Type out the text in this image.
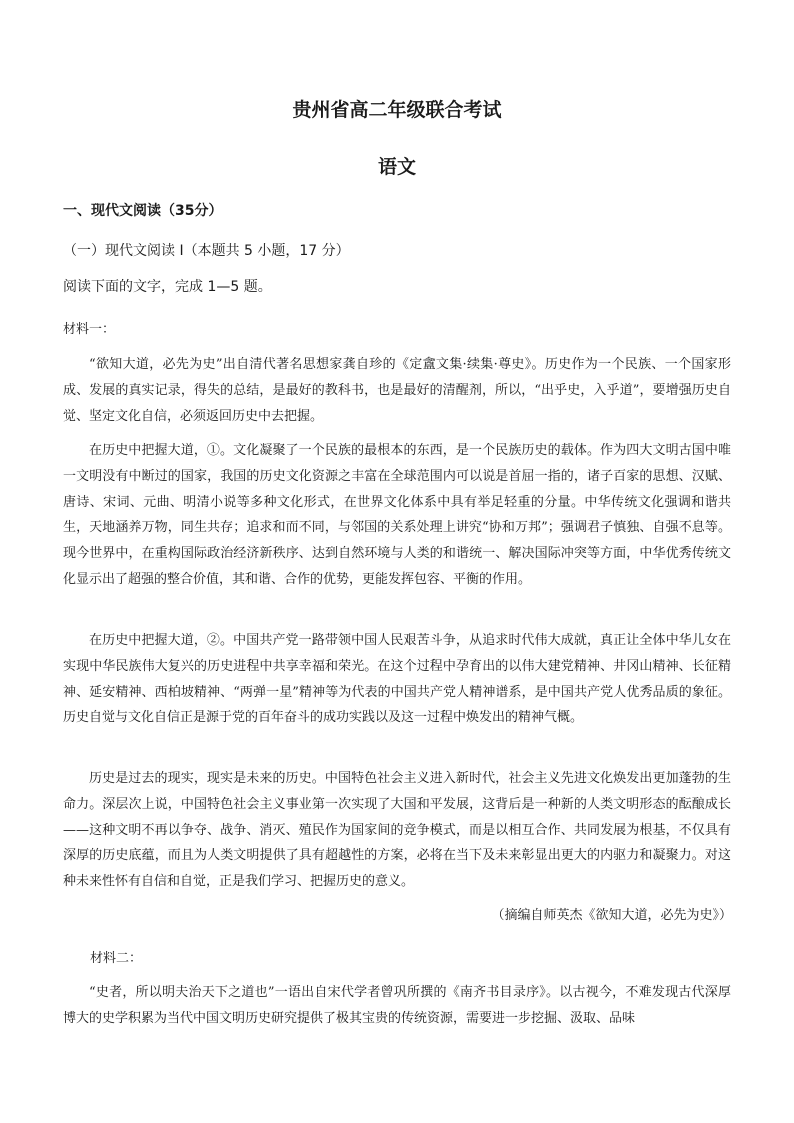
贵州省高二年级联合考试
语文
一、现代文阅读（35分）
（一）现代文阅读 I（本题共 5 小题，17 分）
阅读下面的文字，完成 1—5 题。
材料一：

“欲知大道，必先为史”出自清代著名思想家龚自珍的《定盦文集·续集·尊史》。历史作为一个民族、一个国家形成、发展的真实记录，得失的总结，是最好的教科书，也是最好的清醒剂，所以，“出乎史，入乎道”，要增强历史自觉、坚定文化自信，必须返回历史中去把握。

在历史中把握大道，①。文化凝聚了一个民族的最根本的东西，是一个民族历史的载体。作为四大文明古国中唯一文明没有中断过的国家，我国的历史文化资源之丰富在全球范围内可以说是首屈一指的，诸子百家的思想、汉赋、唐诗、宋词、元曲、明清小说等多种文化形式，在世界文化体系中具有举足轻重的分量。中华传统文化强调和谐共生，天地涵养万物，同生共存；追求和而不同，与邻国的关系处理上讲究“协和万邦”；强调君子慎独、自强不息等。现今世界中，在重构国际政治经济新秩序、达到自然环境与人类的和谐统一、解决国际冲突等方面，中华优秀传统文化显示出了超强的整合价值，其和谐、合作的优势，更能发挥包容、平衡的作用。

在历史中把握大道，②。中国共产党一路带领中国人民艰苦斗争，从追求时代伟大成就，真正让全体中华儿女在实现中华民族伟大复兴的历史进程中共享幸福和荣光。在这个过程中孕育出的以伟大建党精神、井冈山精神、长征精神、延安精神、西柏坡精神、“两弹一星”精神等为代表的中国共产党人精神谱系，是中国共产党人优秀品质的象征。历史自觉与文化自信正是源于党的百年奋斗的成功实践以及这一过程中焕发出的精神气概。

历史是过去的现实，现实是未来的历史。中国特色社会主义进入新时代，社会主义先进文化焕发出更加蓬勃的生命力。深层次上说，中国特色社会主义事业第一次实现了大国和平发展，这背后是一种新的人类文明形态的酝酿成长——这种文明不再以争夺、战争、消灭、殖民作为国家间的竞争模式，而是以相互合作、共同发展为根基，不仅具有深厚的历史底蕴，而且为人类文明提供了具有超越性的方案，必将在当下及未来彰显出更大的内驱力和凝聚力。对这种未来性怀有自信和自觉，正是我们学习、把握历史的意义。

（摘编自师英杰《欲知大道，必先为史》）
材料二：

“史者，所以明夫治天下之道也”一语出自宋代学者曾巩所撰的《南齐书目录序》。以古视今，不难发现古代深厚博大的史学积累为当代中国文明历史研究提供了极其宝贵的传统资源，需要进一步挖掘、汲取、品味
